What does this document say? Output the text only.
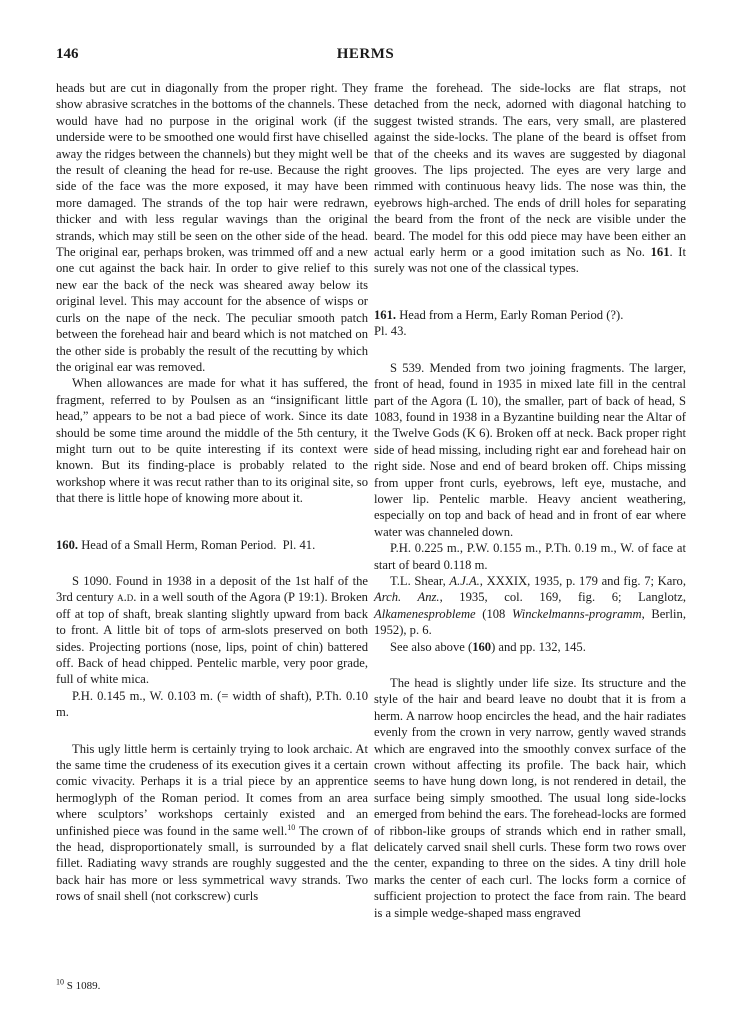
HERMS
146

heads but are cut in diagonally from the proper right. They show abrasive scratches in the bottoms of the channels. These would have had no purpose in the original work (if the underside were to be smoothed one would first have chiselled away the ridges between the channels) but they might well be the result of cleaning the head for re-use. Because the right side of the face was the more exposed, it may have been more damaged. The strands of the top hair were redrawn, thicker and with less regular wavings than the original strands, which may still be seen on the other side of the head. The original ear, perhaps broken, was trimmed off and a new one cut against the back hair. In order to give relief to this new ear the back of the neck was sheared away below its original level. This may account for the absence of wisps or curls on the nape of the neck. The peculiar smooth patch between the forehead hair and beard which is not matched on the other side is probably the result of the recutting by which the original ear was removed.

When allowances are made for what it has suffered, the fragment, referred to by Poulsen as an “insignificant little head,” appears to be not a bad piece of work. Since its date should be some time around the middle of the 5th century, it might turn out to be quite interesting if its context were known. But its finding-place is probably related to the workshop where it was recut rather than to its original site, so that there is little hope of knowing more about it.

160. Head of a Small Herm, Roman Period. Pl. 41.

S 1090. Found in 1938 in a deposit of the 1st half of the 3rd century a.d. in a well south of the Agora (P 19:1). Broken off at top of shaft, break slanting slightly upward from back to front. A little bit of tops of arm-slots preserved on both sides. Projecting portions (nose, lips, point of chin) battered off. Back of head chipped. Pentelic marble, very poor grade, full of white mica.

P.H. 0.145 m., W. 0.103 m. (= width of shaft), P.Th. 0.10 m.

This ugly little herm is certainly trying to look archaic. At the same time the crudeness of its execution gives it a certain comic vivacity. Perhaps it is a trial piece by an apprentice hermoglyph of the Roman period. It comes from an area where sculptors’ workshops certainly existed and an unfinished piece was found in the same well.$^{10}$ The crown of the head, disproportionately small, is surrounded by a flat fillet. Radiating wavy strands are roughly suggested and the back hair has more or less symmetrical wavy strands. Two rows of snail shell (not corkscrew) curls

$^{10}$ S 1089.

frame the forehead. The side-locks are flat straps, not detached from the neck, adorned with diagonal hatching to suggest twisted strands. The ears, very small, are plastered against the side-locks. The plane of the beard is offset from that of the cheeks and its waves are suggested by diagonal grooves. The lips projected. The eyes are very large and rimmed with continuous heavy lids. The nose was thin, the eyebrows high-arched. The ends of drill holes for separating the beard from the front of the neck are visible under the beard. The model for this odd piece may have been either an actual early herm or a good imitation such as No. 161. It surely was not one of the classical types.

161. Head from a Herm, Early Roman Period (?).
Pl. 43.

S 539. Mended from two joining fragments. The larger, front of head, found in 1935 in mixed late fill in the central part of the Agora (L 10), the smaller, part of back of head, S 1083, found in 1938 in a Byzantine building near the Altar of the Twelve Gods (K 6). Broken off at neck. Back proper right side of head missing, including right ear and forehead hair on right side. Nose and end of beard broken off. Chips missing from upper front curls, eyebrows, left eye, mustache, and lower lip. Pentelic marble. Heavy ancient weathering, especially on top and back of head and in front of ear where water was channeled down.

P.H. 0.225 m., P.W. 0.155 m., P.Th. 0.19 m., W. of face at start of beard 0.118 m.

T.L. Shear, A.J.A., XXXIX, 1935, p. 179 and fig. 7; Karo, Arch. Anz., 1935, col. 169, fig. 6; Langlotz, Alkamenesprobleme (108 Winckelmanns-programm, Berlin, 1952), p. 6.

See also above (160) and pp. 132, 145.

The head is slightly under life size. Its structure and the style of the hair and beard leave no doubt that it is from a herm. A narrow hoop encircles the head, and the hair radiates evenly from the crown in very narrow, gently waved strands which are engraved into the smoothly convex surface of the crown without affecting its profile. The back hair, which seems to have hung down long, is not rendered in detail, the surface being simply smoothed. The usual long side-locks emerged from behind the ears. The forehead-locks are formed of ribbon-like groups of strands which end in rather small, delicately carved snail shell curls. These form two rows over the center, expanding to three on the sides. A tiny drill hole marks the center of each curl. The locks form a cornice of sufficient projection to protect the face from rain. The beard is a simple wedge-shaped mass engraved
